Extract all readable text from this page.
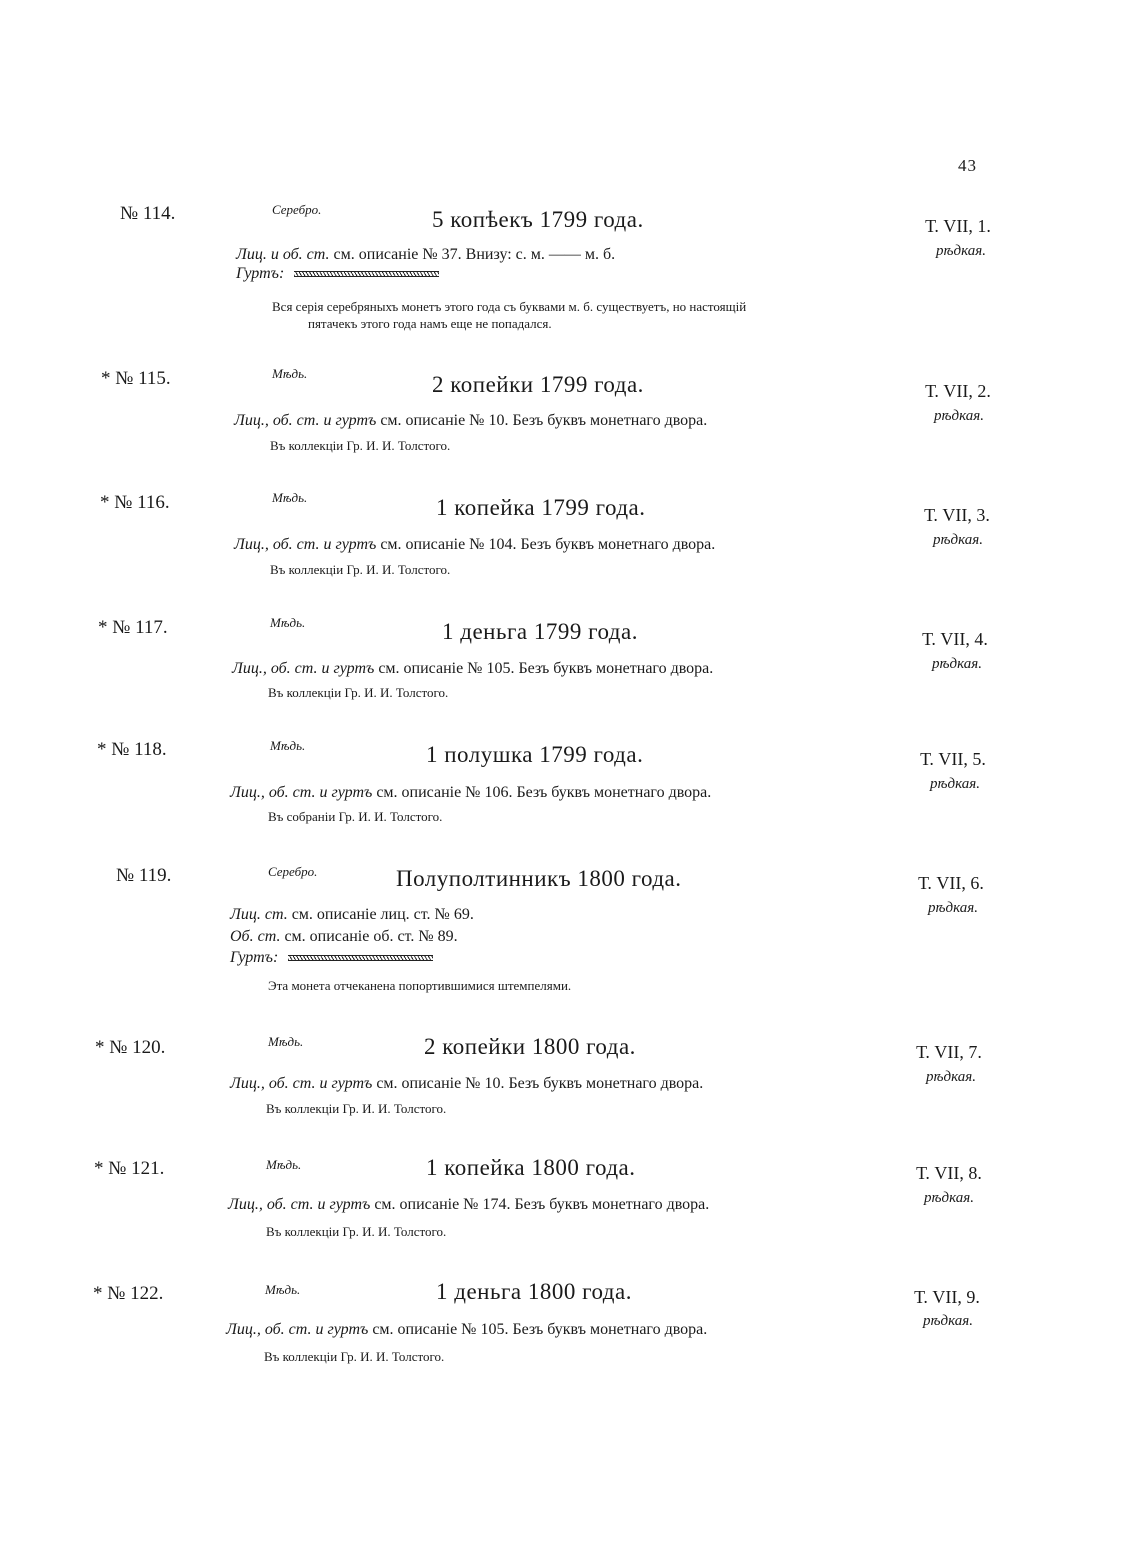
43
№ 114.	Серебро.	5 копѣекъ 1799 года.	Т. VII, 1.
рѣдкая.
Лиц. и об. ст. см. описаніе № 37. Внизу: с. м. —— м. б.
Гуртъ:
Вся серія серебряныхъ монетъ этого года съ буквами м. б. существуетъ, но настоящій
пятачекъ этого года намъ еще не попадался.
* № 115.	Мѣдь.	2 копейки 1799 года.	Т. VII, 2.
рѣдкая.
Лиц., об. ст. и гуртъ см. описаніе № 10. Безъ буквъ монетнаго двора.
Въ коллекціи Гр. И. И. Толстого.
* № 116.	Мѣдь.	1 копейка 1799 года.	Т. VII, 3.
рѣдкая.
Лиц., об. ст. и гуртъ см. описаніе № 104. Безъ буквъ монетнаго двора.
Въ коллекціи Гр. И. И. Толстого.
* № 117.	Мѣдь.	1 деньга 1799 года.	Т. VII, 4.
рѣдкая.
Лиц., об. ст. и гуртъ см. описаніе № 105. Безъ буквъ монетнаго двора.
Въ коллекціи Гр. И. И. Толстого.
* № 118.	Мѣдь.	1 полушка 1799 года.	Т. VII, 5.
рѣдкая.
Лиц., об. ст. и гуртъ см. описаніе № 106. Безъ буквъ монетнаго двора.
Въ собраніи Гр. И. И. Толстого.
№ 119.	Серебро.	Полуполтинникъ 1800 года.	Т. VII, 6.
рѣдкая.
Лиц. ст. см. описаніе лиц. ст. № 69.
Об. ст. см. описаніе об. ст. № 89.
Гуртъ:
Эта монета отчеканена попортившимися штемпелями.
* № 120.	Мѣдь.	2 копейки 1800 года.	Т. VII, 7.
рѣдкая.
Лиц., об. ст. и гуртъ см. описаніе № 10. Безъ буквъ монетнаго двора.
Въ коллекціи Гр. И. И. Толстого.
* № 121.	Мѣдь.	1 копейка 1800 года.	Т. VII, 8.
рѣдкая.
Лиц., об. ст. и гуртъ см. описаніе № 174. Безъ буквъ монетнаго двора.
Въ коллекціи Гр. И. И. Толстого.
* № 122.	Мѣдь.	1 деньга 1800 года.	Т. VII, 9.
рѣдкая.
Лиц., об. ст. и гуртъ см. описаніе № 105. Безъ буквъ монетнаго двора.
Въ коллекціи Гр. И. И. Толстого.
